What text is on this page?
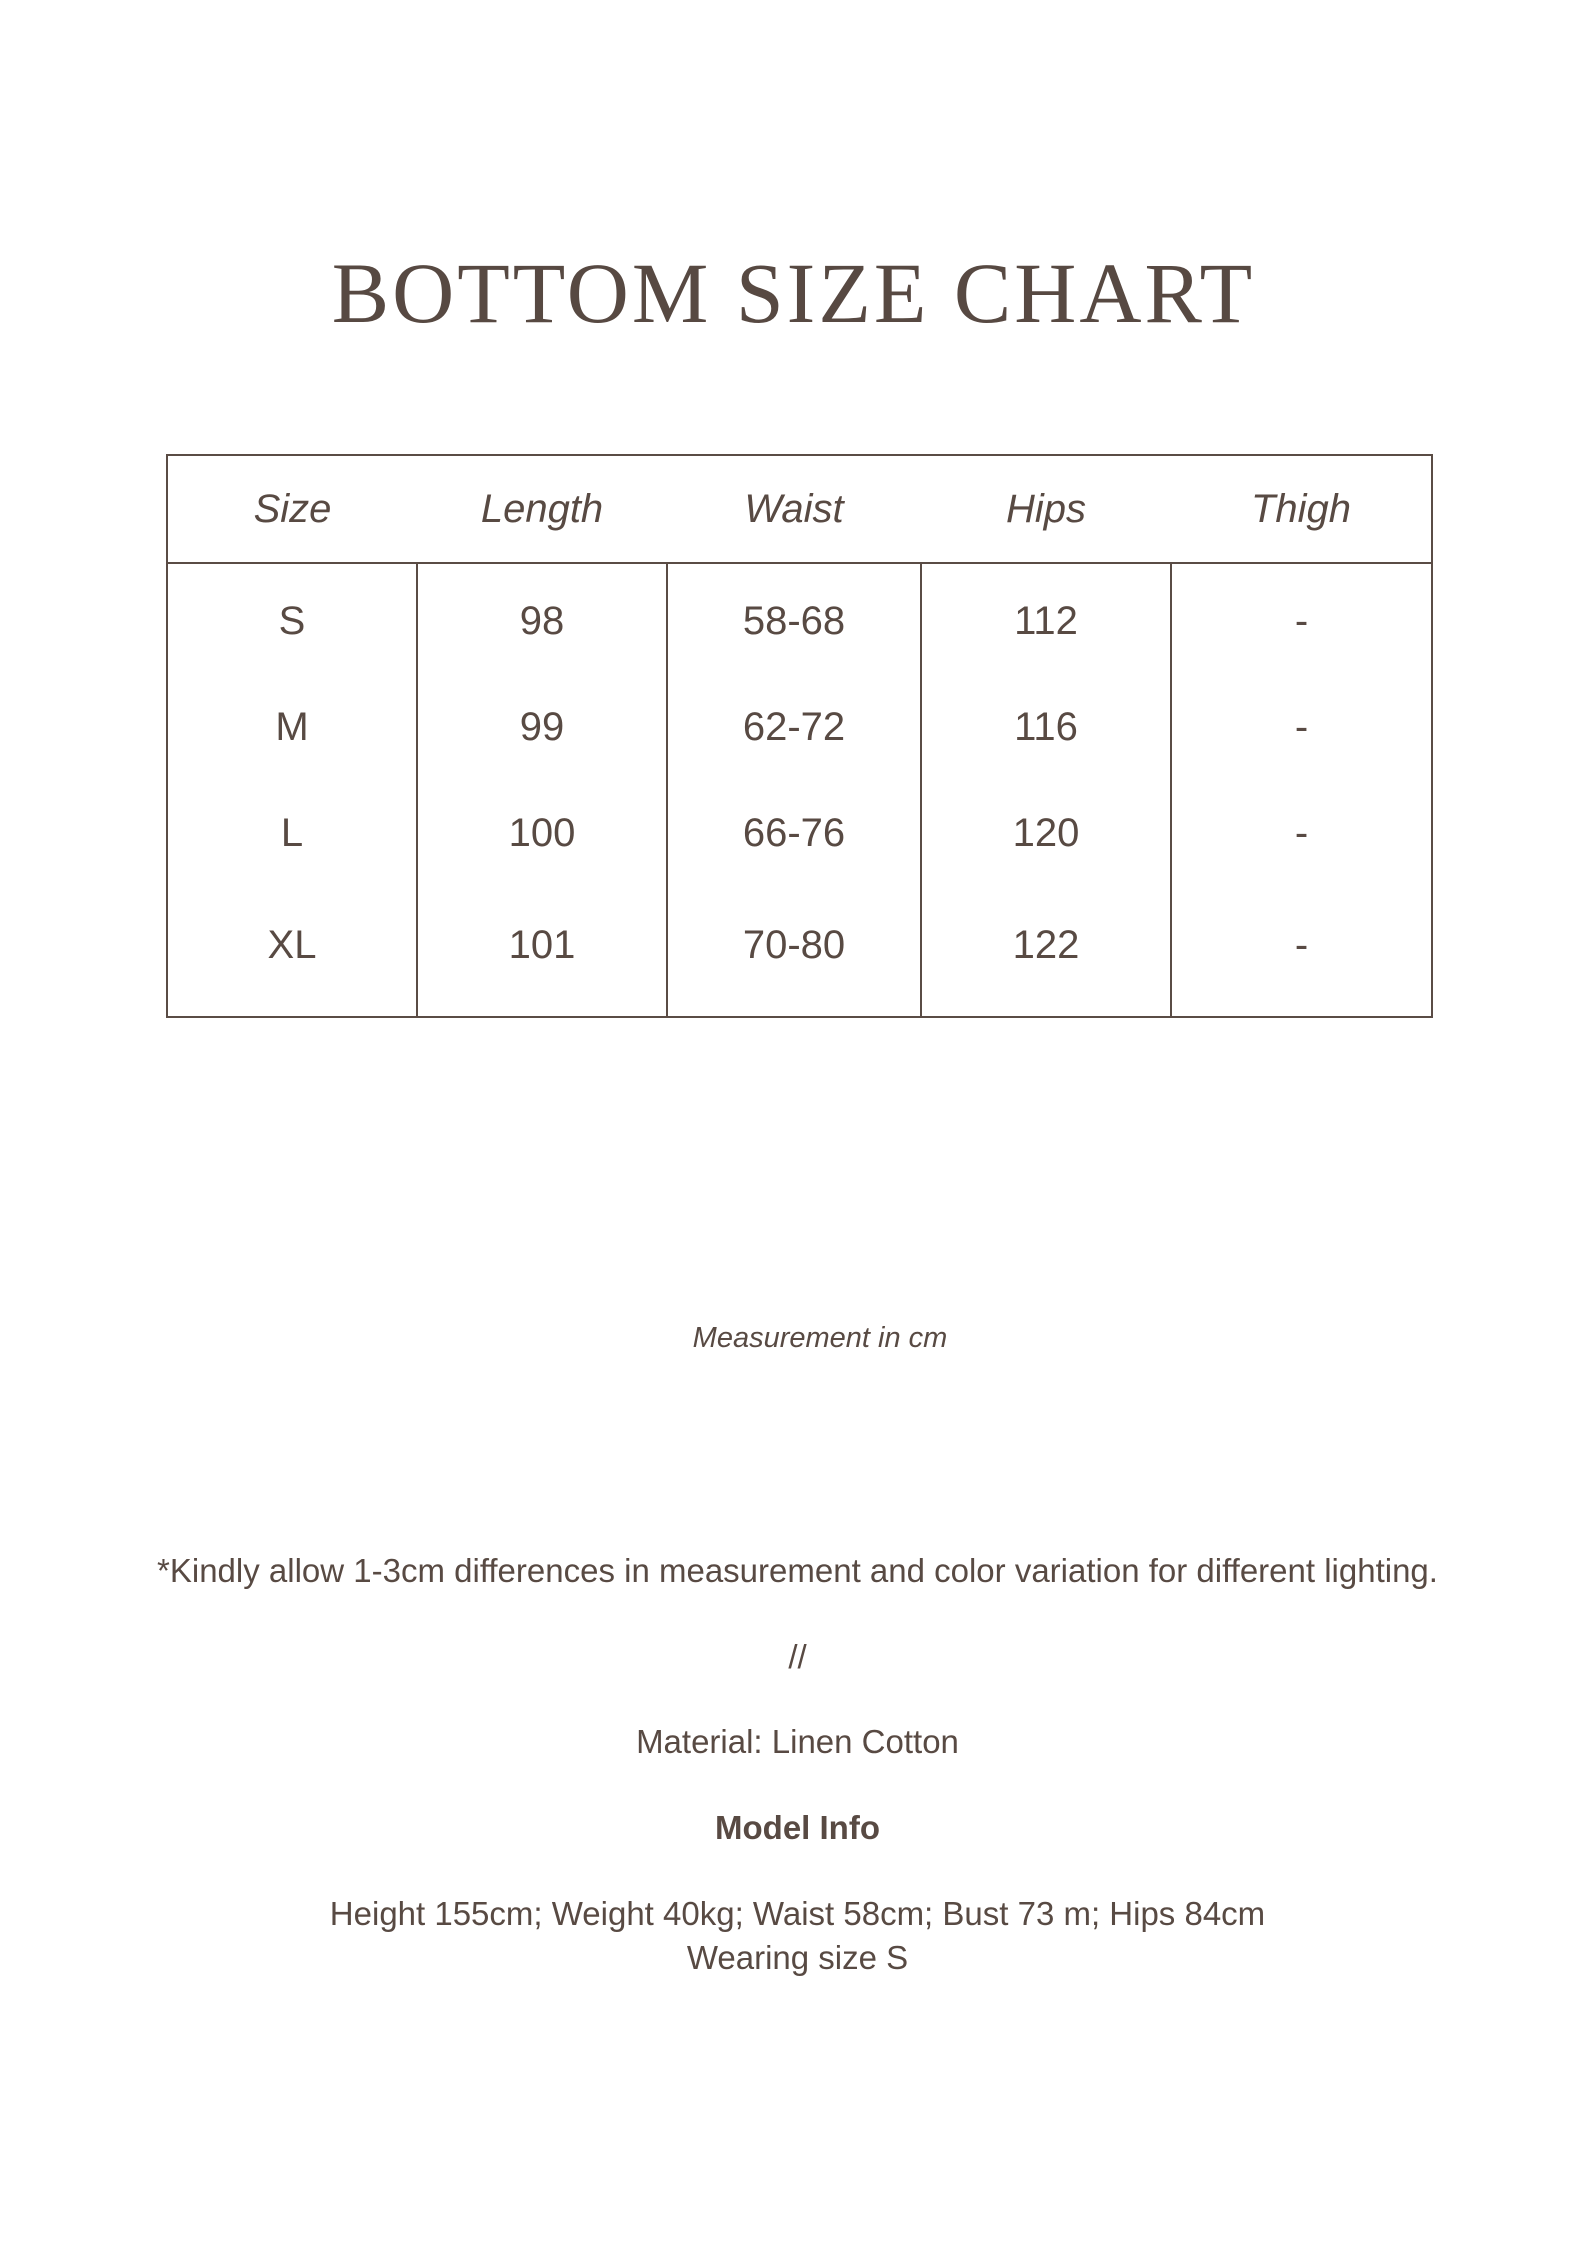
BOTTOM SIZE CHART
Size	Length	Waist	Hips	Thigh
S	98	58-68	112	-
M	99	62-72	116	-
L	100	66-76	120	-
XL	101	70-80	122	-
Measurement in cm
*Kindly allow 1-3cm differences in measurement and color variation for different lighting.
//
Material: Linen Cotton
Model Info
Height 155cm; Weight 40kg; Waist 58cm; Bust 73 m; Hips 84cm
Wearing size S
